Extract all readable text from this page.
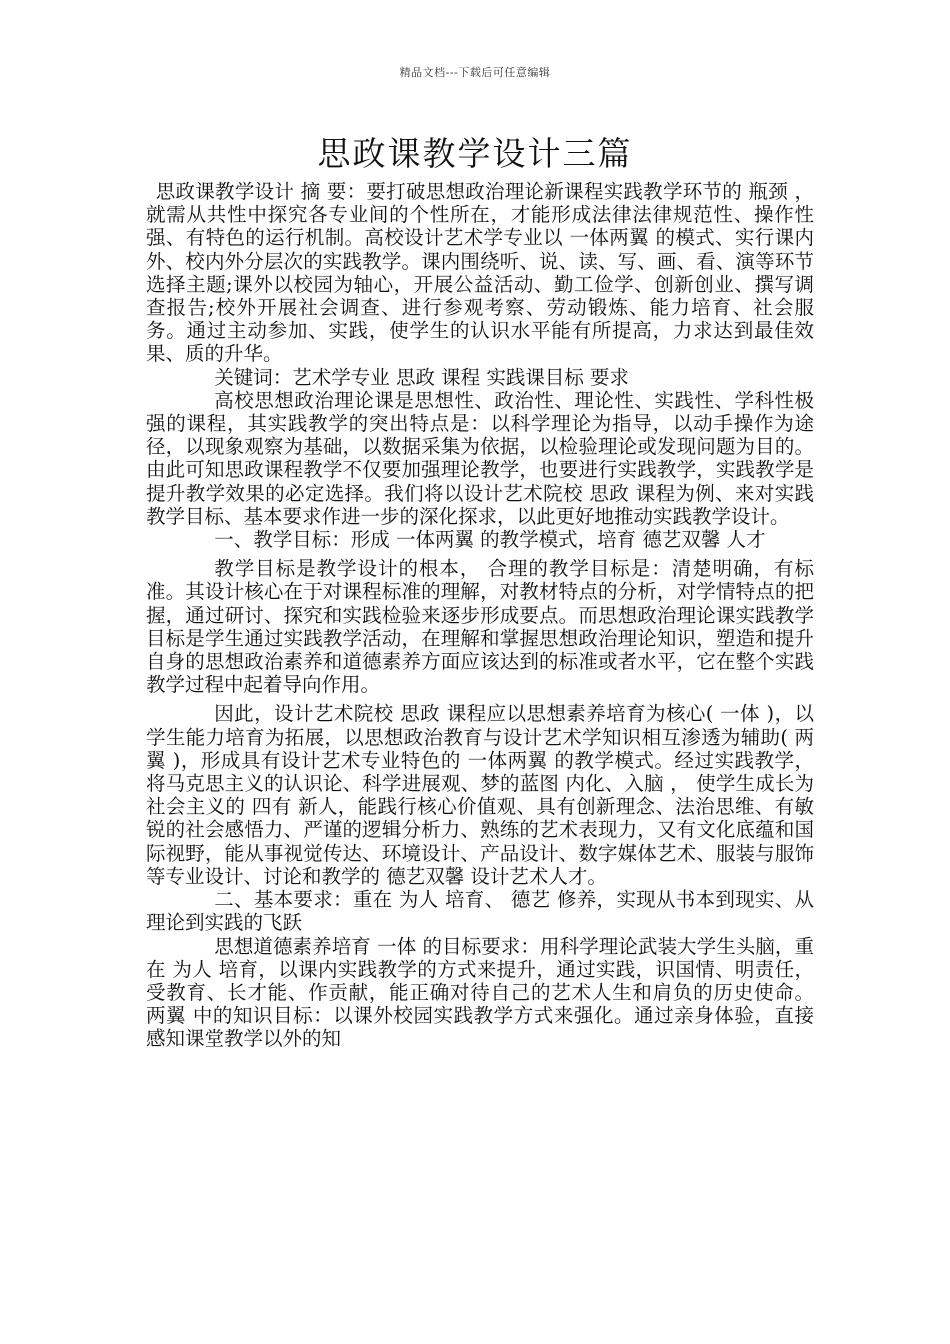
精品文档---下载后可任意编辑
思政课教学设计三篇

思政课教学设计 摘 要：要打破思想政治理论新课程实践教学环节的 瓶颈 ， 就需从共性中探究各专业间的个性所在，才能形成法律法律规范性、操作性强、有特色的运行机制。高校设计艺术学专业以 一体两翼 的模式、实行课内外、校内外分层次的实践教学。课内围绕听、说、读、写、画、看、演等环节选择主题;课外以校园为轴心，开展公益活动、勤工俭学、创新创业、撰写调查报告;校外开展社会调查、进行参观考察、劳动锻炼、能力培育、社会服务。通过主动参加、实践，使学生的认识水平能有所提高，力求达到最佳效果、质的升华。

关键词：艺术学专业 思政 课程 实践课目标 要求

高校思想政治理论课是思想性、政治性、理论性、实践性、学科性极强的课程，其实践教学的突出特点是：以科学理论为指导，以动手操作为途径，以现象观察为基础，以数据采集为依据，以检验理论或发现问题为目的。由此可知思政课程教学不仅要加强理论教学，也要进行实践教学，实践教学是提升教学效果的必定选择。我们将以设计艺术院校 思政 课程为例、来对实践教学目标、基本要求作进一步的深化探求，以此更好地推动实践教学设计。

一、教学目标：形成 一体两翼 的教学模式，培育 德艺双馨 人才

教学目标是教学设计的根本， 合理的教学目标是：清楚明确，有标准。其设计核心在于对课程标准的理解，对教材特点的分析，对学情特点的把握，通过研讨、探究和实践检验来逐步形成要点。而思想政治理论课实践教学目标是学生通过实践教学活动，在理解和掌握思想政治理论知识，塑造和提升自身的思想政治素养和道德素养方面应该达到的标准或者水平，它在整个实践教学过程中起着导向作用。

因此，设计艺术院校 思政 课程应以思想素养培育为核心( 一体 )，以学生能力培育为拓展，以思想政治教育与设计艺术学知识相互渗透为辅助( 两翼 )，形成具有设计艺术专业特色的 一体两翼 的教学模式。经过实践教学，将马克思主义的认识论、科学进展观、梦的蓝图 内化、入脑 ， 使学生成长为社会主义的 四有 新人，能践行核心价值观、具有创新理念、法治思维、有敏锐的社会感悟力、严谨的逻辑分析力、熟练的艺术表现力，又有文化底蕴和国际视野，能从事视觉传达、环境设计、产品设计、数字媒体艺术、服装与服饰等专业设计、讨论和教学的 德艺双馨 设计艺术人才。

二、基本要求：重在 为人 培育、 德艺 修养，实现从书本到现实、从理论到实践的飞跃

思想道德素养培育 一体 的目标要求：用科学理论武装大学生头脑，重在 为人 培育，以课内实践教学的方式来提升，通过实践，识国情、明责任，受教育、长才能、作贡献，能正确对待自己的艺术人生和肩负的历史使命。 两翼 中的知识目标：以课外校园实践教学方式来强化。通过亲身体验，直接感知课堂教学以外的知
